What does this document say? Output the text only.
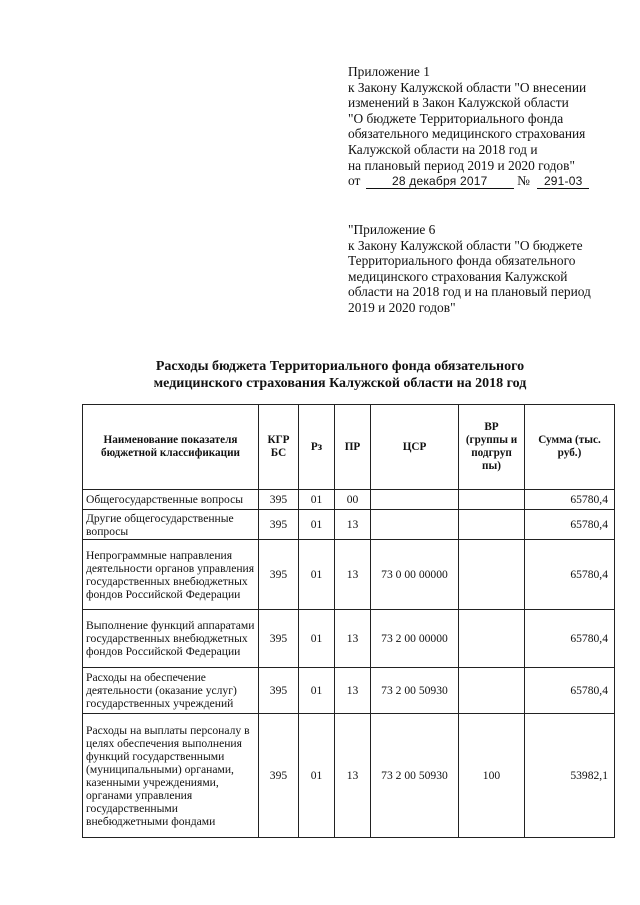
Приложение 1
к Закону Калужской области "О внесении
изменений в Закон Калужской области
"О бюджете Территориального фонда
обязательного медицинского страхования
Калужской области на 2018 год и
на плановый период 2019 и 2020 годов"
от	28 декабря 2017 № 291-03
"Приложение 6
к Закону Калужской области "О бюджете
Территориального фонда обязательного
медицинского страхования Калужской
области на 2018 год и на плановый период
2019 и 2020 годов"
Расходы бюджета Территориального фонда обязательного
медицинского страхования Калужской области на 2018 год
Наименование показателя бюджетной классификации	КГР БС	Рз	ПР	ЦСР	ВР (группы и подгруп пы)	Сумма (тыс. руб.)
Общегосударственные вопросы	395	01	00			65780,4
Другие общегосударственные вопросы	395	01	13			65780,4
Непрограммные направления деятельности органов управления государственных внебюджетных фондов Российской Федерации	395	01	13	73 0 00 00000		65780,4
Выполнение функций аппаратами государственных внебюджетных фондов Российской Федерации	395	01	13	73 2 00 00000		65780,4
Расходы на обеспечение деятельности (оказание услуг) государственных учреждений	395	01	13	73 2 00 50930		65780,4
Расходы на выплаты персоналу в целях обеспечения выполнения функций государственными (муниципальными) органами, казенными учреждениями, органами управления государственными внебюджетными фондами	395	01	13	73 2 00 50930	100	53982,1
